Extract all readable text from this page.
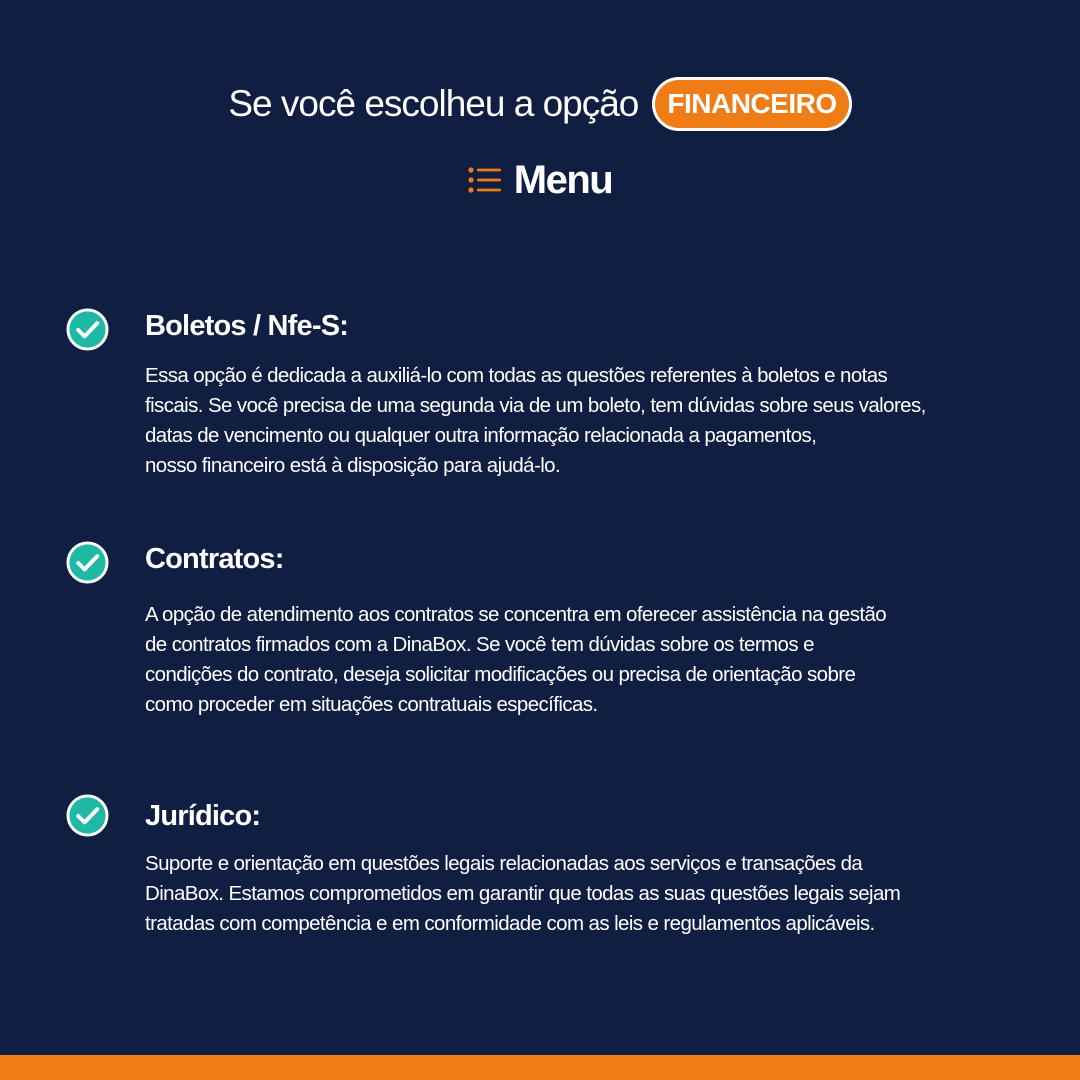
Se você escolheu a opção	FINANCEIRO
Menu
Boletos / Nfe-S:
Essa opção é dedicada a auxiliá-lo com todas as questões referentes à boletos e notas
fiscais. Se você precisa de uma segunda via de um boleto, tem dúvidas sobre seus valores,
datas de vencimento ou qualquer outra informação relacionada a pagamentos,
nosso financeiro está à disposição para ajudá-lo.
Contratos:
A opção de atendimento aos contratos se concentra em oferecer assistência na gestão
de contratos firmados com a DinaBox. Se você tem dúvidas sobre os termos e
condições do contrato, deseja solicitar modificações ou precisa de orientação sobre
como proceder em situações contratuais específicas.
Jurídico:
Suporte e orientação em questões legais relacionadas aos serviços e transações da
DinaBox. Estamos comprometidos em garantir que todas as suas questões legais sejam
tratadas com competência e em conformidade com as leis e regulamentos aplicáveis.
